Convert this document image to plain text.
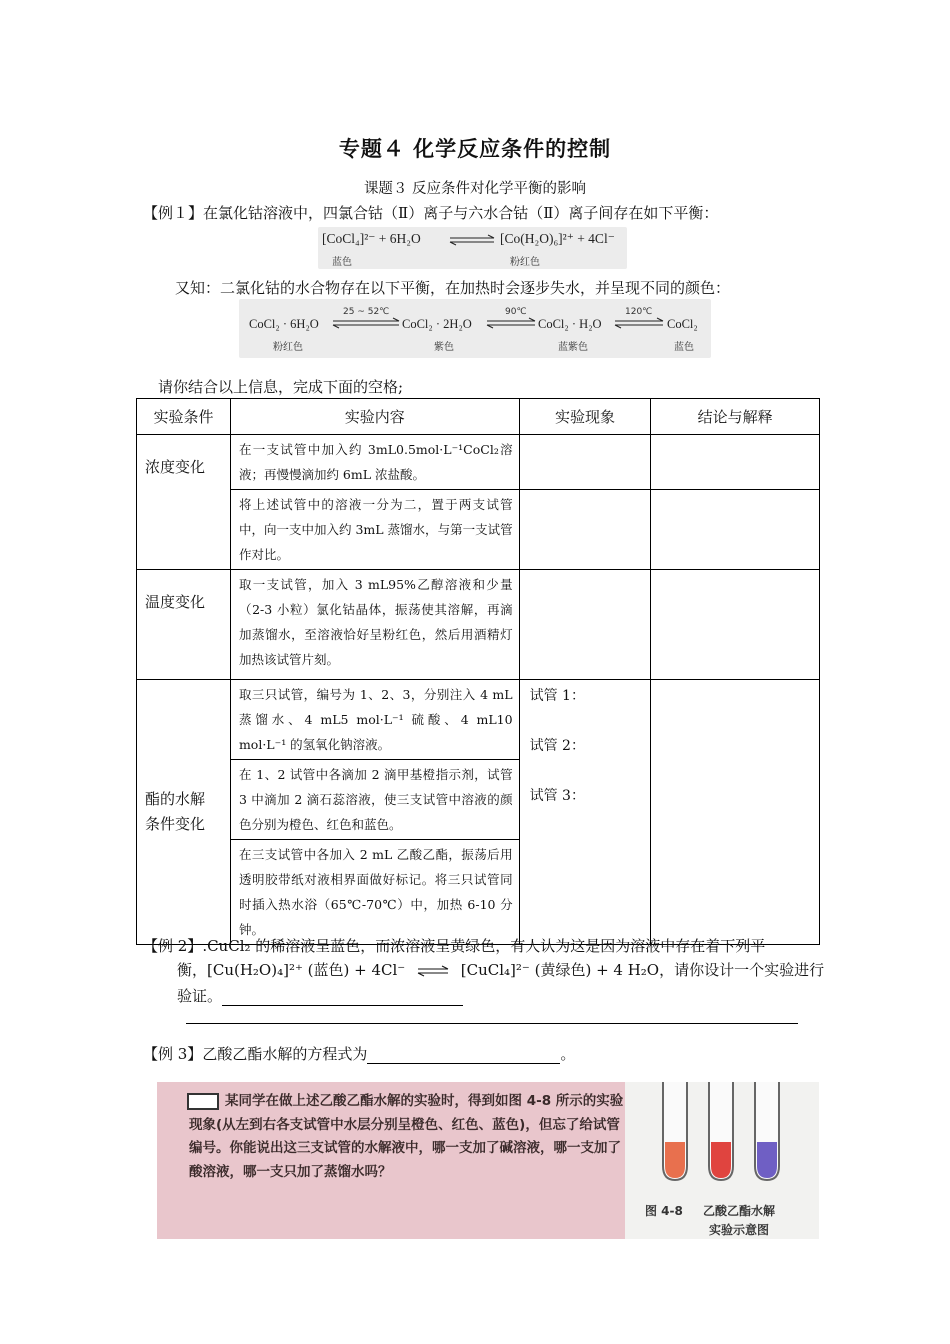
专题４ 化学反应条件的控制
课题３ 反应条件对化学平衡的影响
【例１】在氯化钴溶液中，四氯合钴（Ⅱ）离子与六水合钴（Ⅱ）离子间存在如下平衡：
[CoCl₄]²⁻ + 6H₂O ⇌ [Co(H₂O)₆]²⁺ + 4Cl⁻
蓝色	粉红色
又知：二氯化钴的水合物存在以下平衡，在加热时会逐步失水，并呈现不同的颜色：
CoCl₂ · 6H₂O	CoCl₂ · 2H₂O	CoCl₂ · H₂O	CoCl₂
25 ~ 52℃	90℃	120℃
粉红色	紫色	蓝紫色	蓝色
请你结合以上信息，完成下面的空格;
实验条件	实验内容	实验现象	结论与解释
浓度变化	在一支试管中加入约 3mL0.5mol·L⁻¹CoCl₂溶液；再慢慢滴加约 6mL 浓盐酸。		
	将上述试管中的溶液一分为二，置于两支试管中，向一支中加入约 3mL 蒸馏水，与第一支试管作对比。		
温度变化	取一支试管，加入 3 mL95%乙醇溶液和少量（2-3 小粒）氯化钴晶体，振荡使其溶解，再滴加蒸馏水，至溶液恰好呈粉红色，然后用酒精灯加热该试管片刻。		

酯的水解条件变化	取三只试管，编号为 1、2、3，分别注入 4 mL 蒸馏水、4 mL5 mol·L⁻¹ 硫酸、4 mL10 mol·L⁻¹ 的氢氧化钠溶液。	试管 1：
试管 2：
试管 3：	

	在 1、2 试管中各滴加 2 滴甲基橙指示剂，试管 3 中滴加 2 滴石蕊溶液，使三支试管中溶液的颜色分别为橙色、红色和蓝色。		
	在三支试管中各加入 2 mL 乙酸乙酯，振荡后用透明胶带纸对液相界面做好标记。将三只试管同时插入热水浴（65℃-70℃）中，加热 6-10 分钟。		
【例 2】.CuCl₂ 的稀溶液呈蓝色，而浓溶液呈黄绿色，有人认为这是因为溶液中存在着下列平
衡，[Cu(H₂O)₄]²⁺ (蓝色) + 4Cl⁻ ⇌ [CuCl₄]²⁻ (黄绿色) + 4 H₂O，请你设计一个实验进行
验证。
【例 3】乙酸乙酯水解的方程式为	。
某同学在做上述乙酸乙酯水解的实验时，得到如图 4-8 所示的实验现象(从左到右各支试管中水层分别呈橙色、红色、蓝色)，但忘了给试管编号。你能说出这三支试管的水解液中，哪一支加了碱溶液，哪一支加了酸溶液，哪一支只加了蒸馏水吗？
图 4-8 乙酸乙酯水解
实验示意图
